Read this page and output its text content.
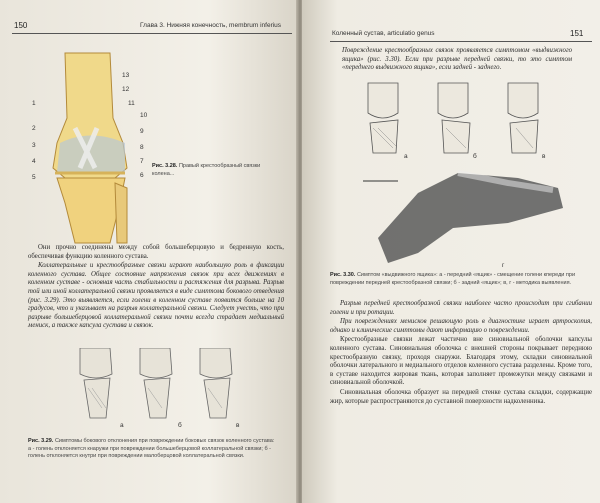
150	Глава 3. Нижняя конечность, membrum inferius
1
2
3
4
5	6
7
8
9
10
11
12
13
Рис. 3.28. Правый крестообразный связки колена...

Они прочно соединены между собой большеберцовую и бедренную кость, обеспечивая функцию коленного сустава.

Коллатеральные и крестообразные связки играют наибольшую роль в фиксации коленного сустава. Общее состояние напряжения связок при всех движениях в коленном суставе - основная часть стабильности и растяжения для разрыва. Разрыв той или иной коллатеральной связки проявляется в виде симптома бокового отведения (рис. 3.29). Это выявляется, если голени в коленном суставе появится больше на 10 градусов, что и указывает на разрыв коллатеральной связки. Следует учесть, что при разрыве большеберцовой коллатеральной связки почти всегда страдает медиальный мениск, а также капсула сустава и связок.

а	б	в
Рис. 3.29. Симптомы бокового отклонения при повреждении боковых связок коленного сустава: а - голень отклоняется кнаружи при повреждении большеберцовой коллатеральной связки; б - голень отклоняется кнутри при повреждении малоберцовой коллатеральной связки.
Коленный сустав, articulatio genus	151
Повреждение крестообразных связок проявляется симптомом «выдвижного ящика» (рис. 3.30). Если при разрыве передней связки, то это симптом «переднего выдвижного ящика», если задней - заднего.
а	б	в
г
Рис. 3.30. Симптом «выдвижного ящика»: а - передний «ящик» - смещение голени кпереди при повреждении передней крестообразной связки; б - задний «ящик»; в, г - методика выявления.

Разрыв передней крестообразной связки наиболее часто происходит при сгибании голени и при ротации.

При повреждениях менисков решающую роль в диагностике играет артроскопия, однако и клинические симптомы дают информацию о повреждении.

Крестообразные связки лежат частично вне синовиальной оболочки капсулы коленного сустава. Синовиальная оболочка с внешней стороны покрывает переднюю крестообразную связку, проходя снаружи. Благодаря этому, складки синовиальной оболочки латерального и медиального отделов коленного сустава разделены. Кроме того, в суставе находится жировая ткань, которая заполняет промежутки между связками и синовиальной оболочкой.

Синовиальная оболочка образует на передней стенке сустава складки, содержащие жир, которые распространяются до суставной поверхности надколенника.
